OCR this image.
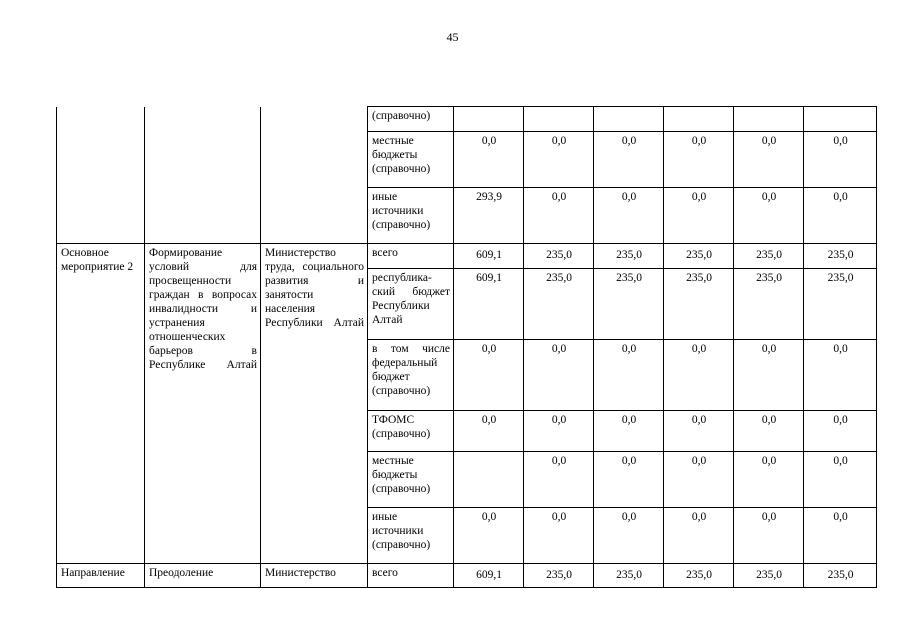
45
			(справочно)						
			местные бюджеты (справочно)	0,0	0,0	0,0	0,0	0,0	0,0
			иные источники (справочно)	293,9	0,0	0,0	0,0	0,0	0,0
Основное мероприятие 2	Формирование условий для просвещенности граждан в вопросах инвалидности и устранения отношенческих барьеров в Республике Алтай	Министерство труда, социального развития и занятости населения Республики Алтай	всего	609,1	235,0	235,0	235,0	235,0	235,0
			республика-ский бюджет Республики Алтай	609,1	235,0	235,0	235,0	235,0	235,0
			в том числе федеральный бюджет (справочно)	0,0	0,0	0,0	0,0	0,0	0,0
			ТФОМС (справочно)	0,0	0,0	0,0	0,0	0,0	0,0
			местные бюджеты (справочно)		0,0	0,0	0,0	0,0	0,0
			иные источники (справочно)	0,0	0,0	0,0	0,0	0,0	0,0
Направление	Преодоление	Министерство	всего	609,1	235,0	235,0	235,0	235,0	235,0
